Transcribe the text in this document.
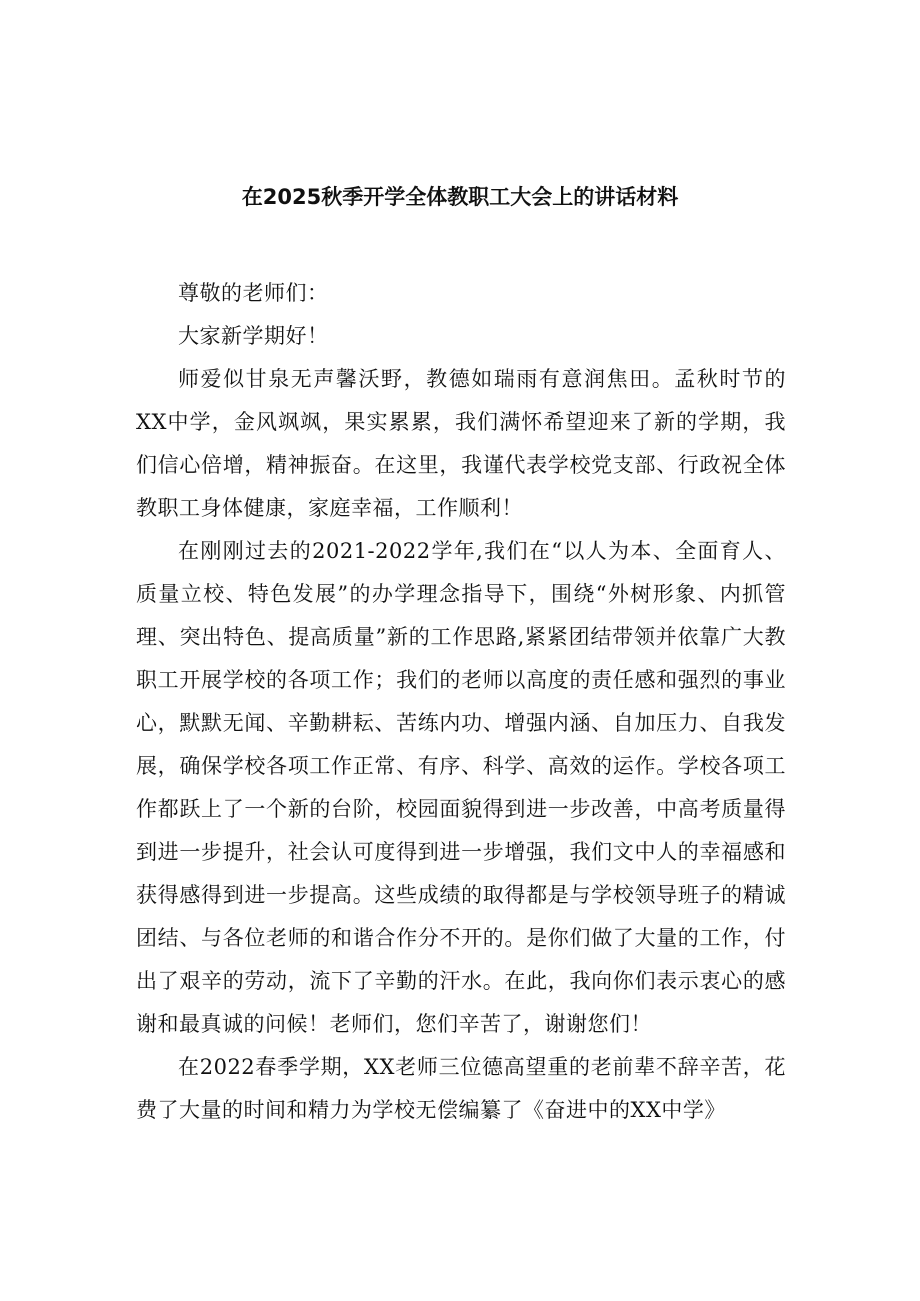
在2025秋季开学全体教职工大会上的讲话材料

尊敬的老师们：

大家新学期好！

师爱似甘泉无声馨沃野，教德如瑞雨有意润焦田。孟秋时节的XX中学，金风飒飒，果实累累，我们满怀希望迎来了新的学期，我们信心倍增，精神振奋。在这里，我谨代表学校党支部、行政祝全体教职工身体健康，家庭幸福，工作顺利！

在刚刚过去的2021-2022学年,我们在“以人为本、全面育人、质量立校、特色发展”的办学理念指导下，围绕“外树形象、内抓管理、突出特色、提高质量”新的工作思路,紧紧团结带领并依靠广大教职工开展学校的各项工作；我们的老师以高度的责任感和强烈的事业心，默默无闻、辛勤耕耘、苦练内功、增强内涵、自加压力、自我发展，确保学校各项工作正常、有序、科学、高效的运作。学校各项工作都跃上了一个新的台阶，校园面貌得到进一步改善，中高考质量得到进一步提升，社会认可度得到进一步增强，我们文中人的幸福感和获得感得到进一步提高。这些成绩的取得都是与学校领导班子的精诚团结、与各位老师的和谐合作分不开的。是你们做了大量的工作，付出了艰辛的劳动，流下了辛勤的汗水。在此，我向你们表示衷心的感谢和最真诚的问候！老师们，您们辛苦了，谢谢您们！

在2022春季学期，XX老师三位德高望重的老前辈不辞辛苦，花费了大量的时间和精力为学校无偿编纂了《奋进中的XX中学》
